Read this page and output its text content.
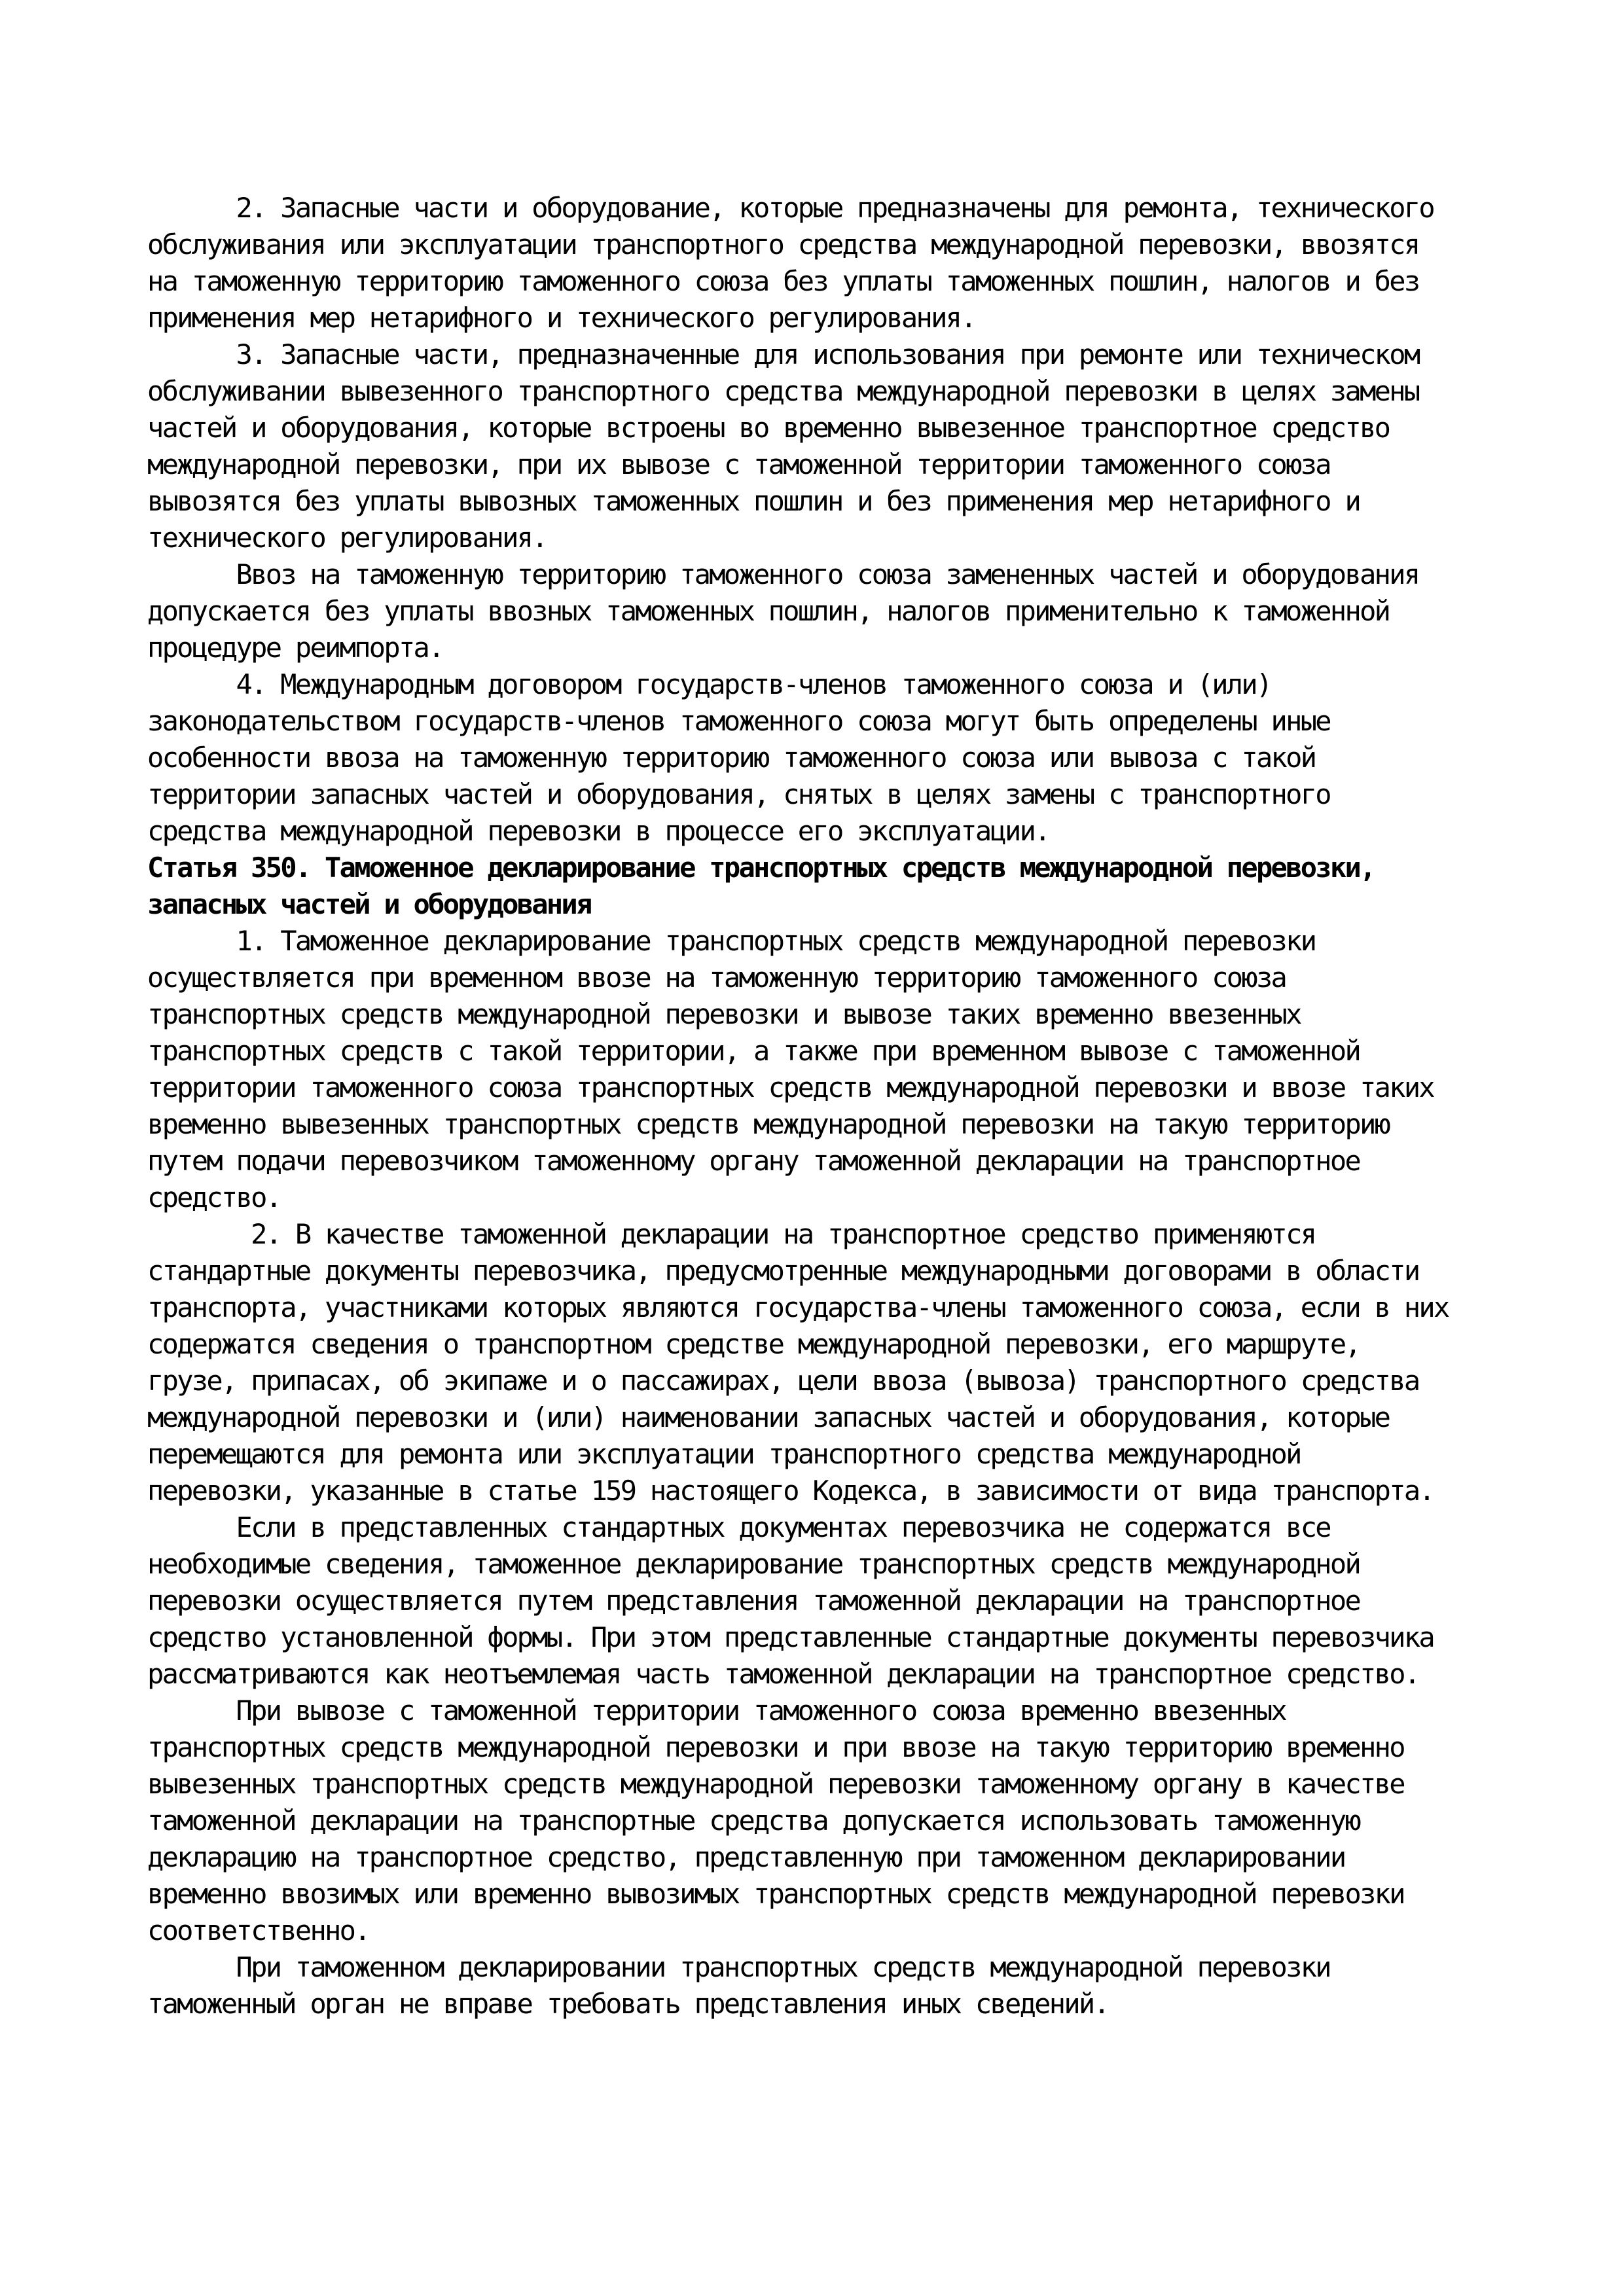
2. Запасные части и оборудование, которые предназначены для ремонта, технического
обслуживания или эксплуатации транспортного средства международной перевозки, ввозятся
на таможенную территорию таможенного союза без уплаты таможенных пошлин, налогов и без
применения мер нетарифного и технического регулирования.
3. Запасные части, предназначенные для использования при ремонте или техническом
обслуживании вывезенного транспортного средства международной перевозки в целях замены
частей и оборудования, которые встроены во временно вывезенное транспортное средство
международной перевозки, при их вывозе с таможенной территории таможенного союза
вывозятся без уплаты вывозных таможенных пошлин и без применения мер нетарифного и
технического регулирования.
Ввоз на таможенную территорию таможенного союза замененных частей и оборудования
допускается без уплаты ввозных таможенных пошлин, налогов применительно к таможенной
процедуре реимпорта.
4. Международным договором государств-членов таможенного союза и (или)
законодательством государств-членов таможенного союза могут быть определены иные
особенности ввоза на таможенную территорию таможенного союза или вывоза с такой
территории запасных частей и оборудования, снятых в целях замены с транспортного
средства международной перевозки в процессе его эксплуатации.
Статья 350. Таможенное декларирование транспортных средств международной перевозки,
запасных частей и оборудования
1. Таможенное декларирование транспортных средств международной перевозки
осуществляется при временном ввозе на таможенную территорию таможенного союза
транспортных средств международной перевозки и вывозе таких временно ввезенных
транспортных средств с такой территории, а также при временном вывозе с таможенной
территории таможенного союза транспортных средств международной перевозки и ввозе таких
временно вывезенных транспортных средств международной перевозки на такую территорию
путем подачи перевозчиком таможенному органу таможенной декларации на транспортное
средство.
2. В качестве таможенной декларации на транспортное средство применяются
стандартные документы перевозчика, предусмотренные международными договорами в области
транспорта, участниками которых являются государства-члены таможенного союза, если в них
содержатся сведения о транспортном средстве международной перевозки, его маршруте,
грузе, припасах, об экипаже и о пассажирах, цели ввоза (вывоза) транспортного средства
международной перевозки и (или) наименовании запасных частей и оборудования, которые
перемещаются для ремонта или эксплуатации транспортного средства международной
перевозки, указанные в статье 159 настоящего Кодекса, в зависимости от вида транспорта.
Если в представленных стандартных документах перевозчика не содержатся все
необходимые сведения, таможенное декларирование транспортных средств международной
перевозки осуществляется путем представления таможенной декларации на транспортное
средство установленной формы. При этом представленные стандартные документы перевозчика
рассматриваются как неотъемлемая часть таможенной декларации на транспортное средство.
При вывозе с таможенной территории таможенного союза временно ввезенных
транспортных средств международной перевозки и при ввозе на такую территорию временно
вывезенных транспортных средств международной перевозки таможенному органу в качестве
таможенной декларации на транспортные средства допускается использовать таможенную
декларацию на транспортное средство, представленную при таможенном декларировании
временно ввозимых или временно вывозимых транспортных средств международной перевозки
соответственно.
При таможенном декларировании транспортных средств международной перевозки
таможенный орган не вправе требовать представления иных сведений.
